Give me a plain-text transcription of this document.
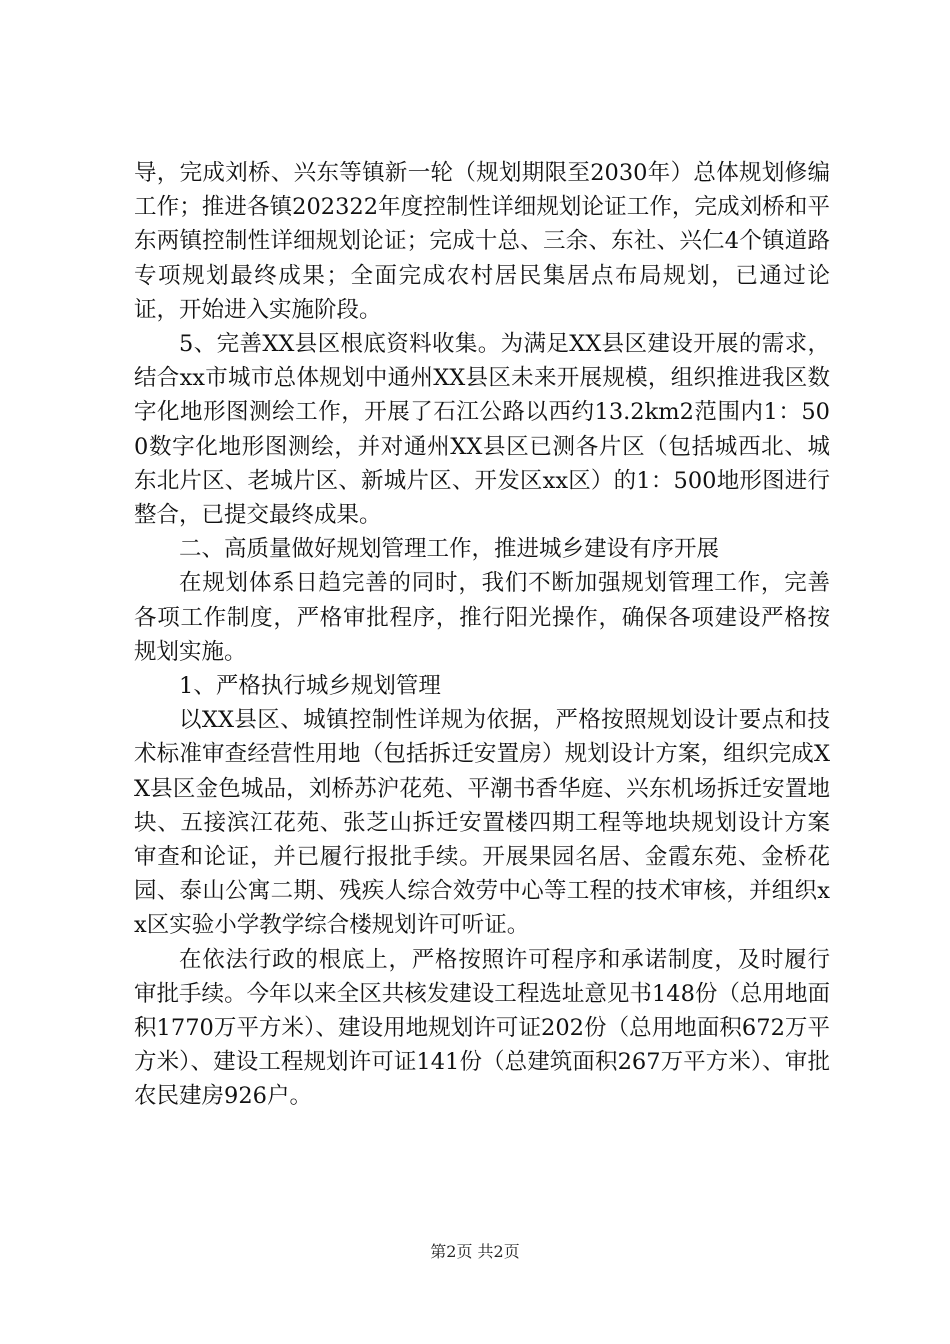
导，完成刘桥、兴东等镇新一轮（规划期限至2030年）总体规划修编工作；推进各镇202322年度控制性详细规划论证工作，完成刘桥和平东两镇控制性详细规划论证；完成十总、三余、东社、兴仁4个镇道路专项规划最终成果；全面完成农村居民集居点布局规划，已通过论证，开始进入实施阶段。

5、完善XX县区根底资料收集。为满足XX县区建设开展的需求，结合xx市城市总体规划中通州XX县区未来开展规模，组织推进我区数字化地形图测绘工作，开展了石江公路以西约13.2km2范围内1：500数字化地形图测绘，并对通州XX县区已测各片区（包括城西北、城东北片区、老城片区、新城片区、开发区xx区）的1：500地形图进行整合，已提交最终成果。

二、高质量做好规划管理工作，推进城乡建设有序开展

在规划体系日趋完善的同时，我们不断加强规划管理工作，完善各项工作制度，严格审批程序，推行阳光操作，确保各项建设严格按规划实施。

1、严格执行城乡规划管理

以XX县区、城镇控制性详规为依据，严格按照规划设计要点和技术标准审查经营性用地（包括拆迁安置房）规划设计方案，组织完成XX县区金色城品，刘桥苏沪花苑、平潮书香华庭、兴东机场拆迁安置地块、五接滨江花苑、张芝山拆迁安置楼四期工程等地块规划设计方案审查和论证，并已履行报批手续。开展果园名居、金霞东苑、金桥花园、泰山公寓二期、残疾人综合效劳中心等工程的技术审核，并组织xx区实验小学教学综合楼规划许可听证。

在依法行政的根底上，严格按照许可程序和承诺制度，及时履行审批手续。今年以来全区共核发建设工程选址意见书148份（总用地面积1770万平方米）、建设用地规划许可证202份（总用地面积672万平方米）、建设工程规划许可证141份（总建筑面积267万平方米）、审批农民建房926户。

第2页 共2页
